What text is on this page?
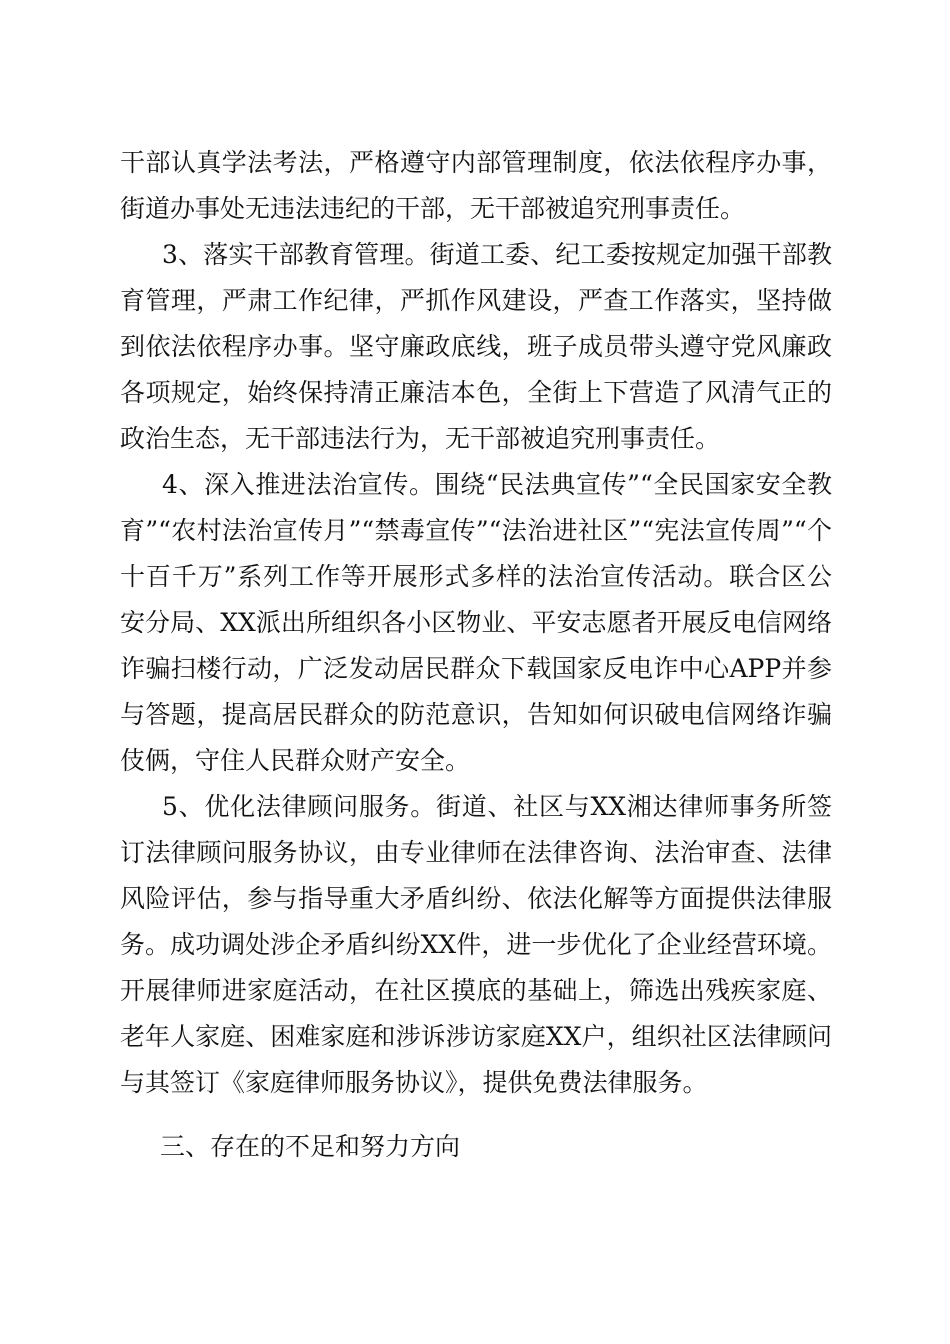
干部认真学法考法，严格遵守内部管理制度，依法依程序办事，街道办事处无违法违纪的干部，无干部被追究刑事责任。

3、落实干部教育管理。街道工委、纪工委按规定加强干部教育管理，严肃工作纪律，严抓作风建设，严查工作落实，坚持做到依法依程序办事。坚守廉政底线，班子成员带头遵守党风廉政各项规定，始终保持清正廉洁本色，全街上下营造了风清气正的政治生态，无干部违法行为，无干部被追究刑事责任。

4、深入推进法治宣传。围绕“民法典宣传”“全民国家安全教育”“农村法治宣传月”“禁毒宣传”“法治进社区”“宪法宣传周”“个十百千万”系列工作等开展形式多样的法治宣传活动。联合区公安分局、XX派出所组织各小区物业、平安志愿者开展反电信网络诈骗扫楼行动，广泛发动居民群众下载国家反电诈中心APP并参与答题，提高居民群众的防范意识，告知如何识破电信网络诈骗伎俩，守住人民群众财产安全。

5、优化法律顾问服务。街道、社区与XX湘达律师事务所签订法律顾问服务协议，由专业律师在法律咨询、法治审查、法律风险评估，参与指导重大矛盾纠纷、依法化解等方面提供法律服务。成功调处涉企矛盾纠纷XX件，进一步优化了企业经营环境。开展律师进家庭活动，在社区摸底的基础上，筛选出残疾家庭、老年人家庭、困难家庭和涉诉涉访家庭XX户，组织社区法律顾问与其签订《家庭律师服务协议》，提供免费法律服务。

三、存在的不足和努力方向
